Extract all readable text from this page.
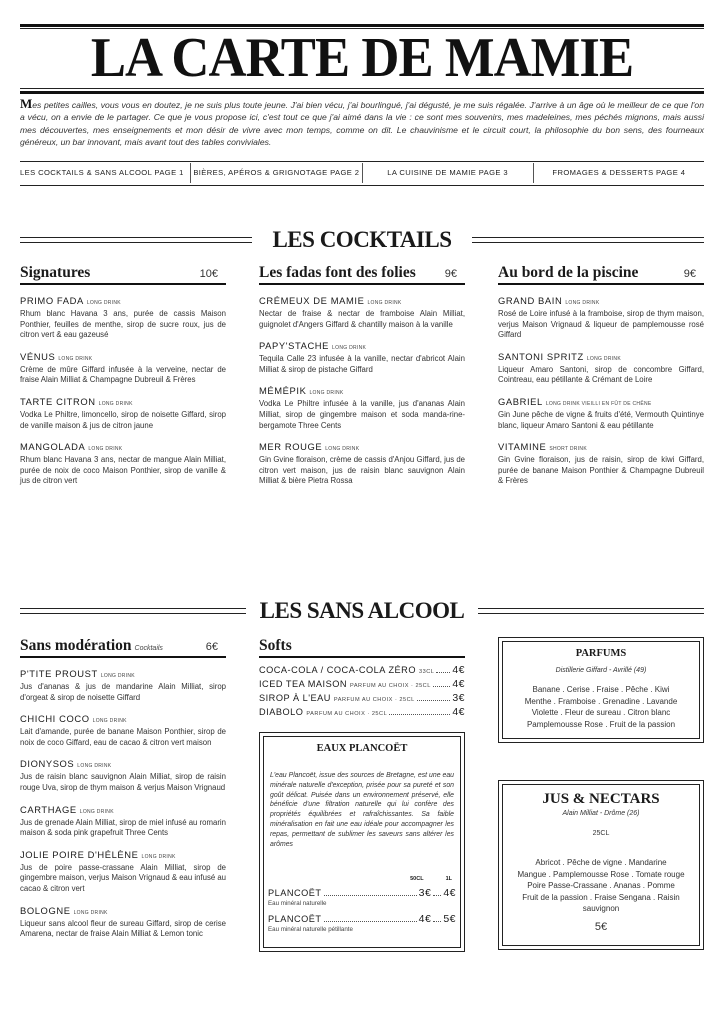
LA CARTE DE MAMIE
Mes petites cailles, vous vous en doutez, je ne suis plus toute jeune. J'ai bien vécu, j'ai bourlingué, j'ai dégusté, je me suis régalée. J'arrive à un âge où le meilleur de ce que l'on a vécu, on a envie de le partager. Ce que je vous propose ici, c'est tout ce que j'ai aimé dans la vie : ce sont mes souvenirs, mes madeleines, mes péchés mignons, mais aussi mes découvertes, mes enseignements et mon désir de vivre avec mon temps, comme on dit. Le chauvinisme et le circuit court, la philosophie du bon sens, des fourneaux généreux, un bar innovant, mais avant tout des tables conviviales.
LES COCKTAILS & SANS ALCOOL PAGE 1	BIÈRES, APÉROS & GRIGNOTAGE PAGE 2	LA CUISINE DE MAMIE PAGE 3	FROMAGES & DESSERTS PAGE 4
LES COCKTAILS
Signatures	10€
PRIMO FADA LONG DRINK
Rhum blanc Havana 3 ans, purée de cassis Maison Ponthier, feuilles de menthe, sirop de sucre roux, jus de citron vert & eau gazeusé
VÉNUS LONG DRINK
Crème de mûre Giffard infusée à la verveine, nectar de fraise Alain Milliat & Champagne Dubreuil & Frères
TARTE CITRON LONG DRINK
Vodka Le Philtre, limoncello, sirop de noisette Giffard, sirop de vanille maison & jus de citron jaune
MANGOLADA LONG DRINK
Rhum blanc Havana 3 ans, nectar de mangue Alain Milliat, purée de noix de coco Maison Ponthier, sirop de vanille & jus de citron vert
Les fadas font des folies	9€
CRÉMEUX DE MAMIE LONG DRINK
Nectar de fraise & nectar de framboise Alain Milliat, guignolet d'Angers Giffard & chantilly maison à la vanille
PAPY'STACHE LONG DRINK
Tequila Calle 23 infusée à la vanille, nectar d'abricot Alain Milliat & sirop de pistache Giffard
MÉMÉPIK LONG DRINK
Vodka Le Philtre infusée à la vanille, jus d'ananas Alain Milliat, sirop de gingembre maison et soda manda-rine-bergamote Three Cents
MER ROUGE LONG DRINK
Gin Gvine floraison, crème de cassis d'Anjou Giffard, jus de citron vert maison, jus de raisin blanc sauvignon Alain Milliat & bière Pietra Rossa
Au bord de la piscine	9€
GRAND BAIN LONG DRINK
Rosé de Loire infusé à la framboise, sirop de thym maison, verjus Maison Vrignaud & liqueur de pamplemousse rosé Giffard
SANTONI SPRITZ LONG DRINK
Liqueur Amaro Santoni, sirop de concombre Giffard, Cointreau, eau pétillante & Crémant de Loire
GABRIEL LONG DRINK VIEILLI EN FÛT DE CHÊNE
Gin June pêche de vigne & fruits d'été, Vermouth Quintinye blanc, liqueur Amaro Santoni & eau pétillante
VITAMINE SHORT DRINK
Gin Gvine floraison, jus de raisin, sirop de kiwi Giffard, purée de banane Maison Ponthier & Champagne Dubreuil & Frères
LES SANS ALCOOL
Sans modération Cocktails	6€
P'TITE PROUST LONG DRINK
Jus d'ananas & jus de mandarine Alain Milliat, sirop d'orgeat & sirop de noisette Giffard
CHICHI COCO LONG DRINK
Lait d'amande, purée de banane Maison Ponthier, sirop de noix de coco Giffard, eau de cacao & citron vert maison
DIONYSOS LONG DRINK
Jus de raisin blanc sauvignon Alain Milliat, sirop de raisin rouge Uva, sirop de thym maison & verjus Maison Vrignaud
CARTHAGE LONG DRINK
Jus de grenade Alain Milliat, sirop de miel infusé au romarin maison & soda pink grapefruit Three Cents
JOLIE POIRE D'HÉLÈNE LONG DRINK
Jus de poire passe-crassane Alain Milliat, sirop de gingembre maison, verjus Maison Vrignaud & eau infusé au cacao & citron vert
BOLOGNE LONG DRINK
Liqueur sans alcool fleur de sureau Giffard, sirop de cerise Amarena, nectar de fraise Alain Milliat & Lemon tonic
Softs
COCA-COLA / COCA-COLA ZÉRO 33CL 4€
ICED TEA MAISON PARFUM AU CHOIX · 25CL 4€
SIROP À L'EAU PARFUM AU CHOIX · 25CL	3€
DIABOLO PARFUM AU CHOIX · 25CL	4€
EAUX PLANCOËT
L'eau Plancoët, issue des sources de Bretagne, est une eau minérale naturelle d'exception, prisée pour sa pureté et son goût délicat. Puisée dans un environnement préservé, elle bénéficie d'une filtration naturelle qui lui confère des propriétés équilibrées et rafraîchissantes. Sa faible minéralisation en fait une eau idéale pour accompagner les repas, permettant de sublimer les saveurs sans altérer les arômes
50CL	1L
PLANCOËT	3€ 4€
Eau minéral naturelle
PLANCOËT	4€ 5€
Eau minéral naturelle pétillante
PARFUMS
Distillerie Giffard - Avrillé (49)
Banane . Cerise . Fraise . Pêche . Kiwi
Menthe . Framboise . Grenadine . Lavande
Violette . Fleur de sureau . Citron blanc
Pamplemousse Rose . Fruit de la passion
JUS & NECTARS
Alain Milliat - Drôme (26)
25CL
Abricot . Pêche de vigne . Mandarine
Mangue . Pamplemousse Rose . Tomate rouge
Poire Passe-Crassane . Ananas . Pomme
Fruit de la passion . Fraise Sengana . Raisin sauvignon
5€
